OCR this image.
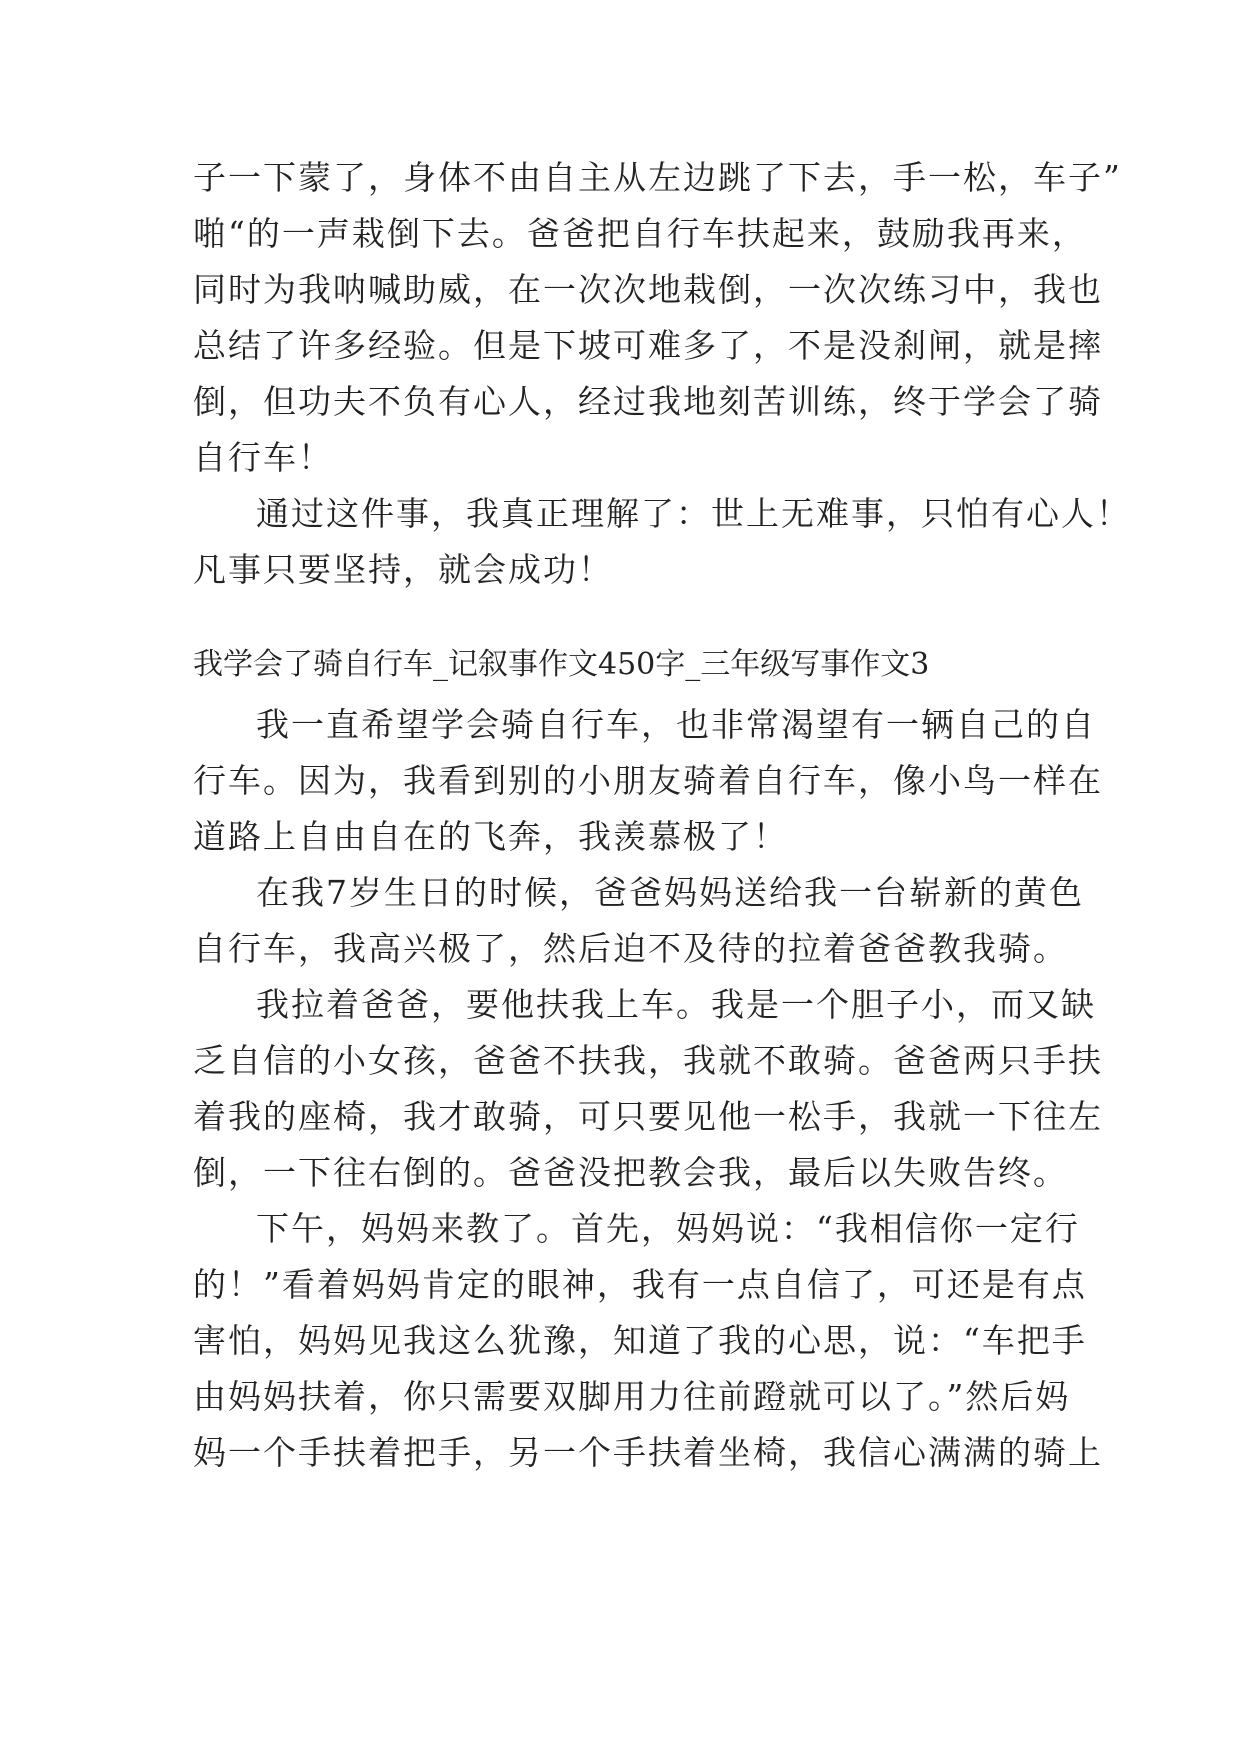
子一下蒙了，身体不由自主从左边跳了下去，手一松，车子”
啪“的一声栽倒下去。爸爸把自行车扶起来，鼓励我再来，
同时为我呐喊助威，在一次次地栽倒，一次次练习中，我也
总结了许多经验。但是下坡可难多了，不是没刹闸，就是摔
倒，但功夫不负有心人，经过我地刻苦训练，终于学会了骑
自行车！
通过这件事，我真正理解了：世上无难事，只怕有心人！
凡事只要坚持，就会成功！
我学会了骑自行车_记叙事作文450字_三年级写事作文3
我一直希望学会骑自行车，也非常渴望有一辆自己的自
行车。因为，我看到别的小朋友骑着自行车，像小鸟一样在
道路上自由自在的飞奔，我羡慕极了！
在我7岁生日的时候，爸爸妈妈送给我一台崭新的黄色
自行车，我高兴极了，然后迫不及待的拉着爸爸教我骑。
我拉着爸爸，要他扶我上车。我是一个胆子小，而又缺
乏自信的小女孩，爸爸不扶我，我就不敢骑。爸爸两只手扶
着我的座椅，我才敢骑，可只要见他一松手，我就一下往左
倒，一下往右倒的。爸爸没把教会我，最后以失败告终。
下午，妈妈来教了。首先，妈妈说：“我相信你一定行
的！”看着妈妈肯定的眼神，我有一点自信了，可还是有点
害怕，妈妈见我这么犹豫，知道了我的心思，说：“车把手
由妈妈扶着，你只需要双脚用力往前蹬就可以了。”然后妈
妈一个手扶着把手，另一个手扶着坐椅，我信心满满的骑上
